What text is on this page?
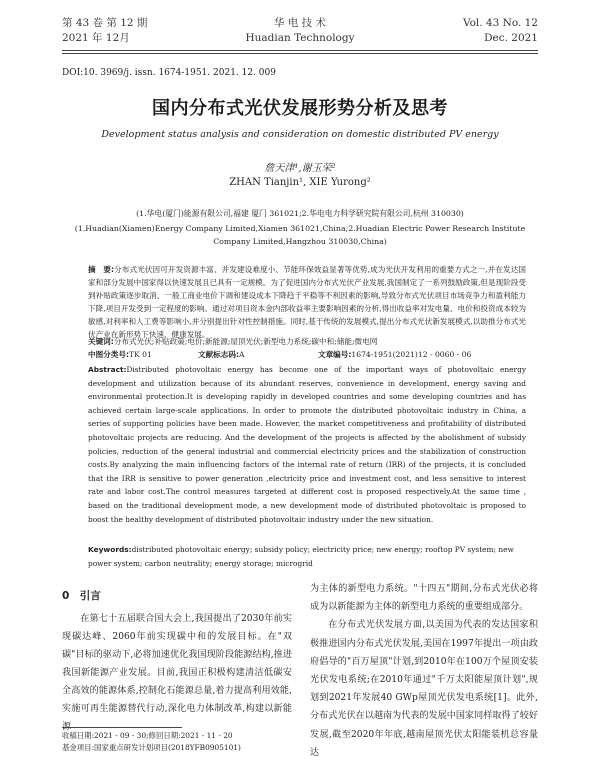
第 43 卷 第 12 期
2021 年 12月
华 电 技 术
Huadian Technology
Vol. 43 No. 12
Dec. 2021
DOI:10. 3969/j. issn. 1674-1951. 2021. 12. 009
国内分布式光伏发展形势分析及思考
Development status analysis and consideration on domestic distributed PV energy
詹天津¹,谢玉荣²
ZHAN Tianjin¹, XIE Yurong²
(1.华电(厦门)能源有限公司,福建 厦门 361021;2.华电电力科学研究院有限公司,杭州 310030)
(1.Huadian(Xiamen)Energy Company Limited,Xiamen 361021,China;2.Huadian Electric Power Research Institute
Company Limited,Hangzhou 310030,China)
摘　要:分布式光伏因可开发资源丰富、并发建设难度小、节能环保效益显著等优势,成为光伏开发利用的重要方式之一,并在发达国家和部分发展中国家得以快速发展且已具有一定规模。为了促进国内分布式光伏产业发展,我国制定了一系列鼓励政策,但是现阶段受到补贴政策逐步取消、一般工商业电价下调和建设成本下降趋于平稳等不利因素的影响,导致分布式光伏项目市场竞争力和盈利能力下降,项目开发受到一定程度的影响。通过对项目资本金内部收益率主要影响因素的分析,得出收益率对发电量、电价和投资成本较为敏感,对利率和人工费等影响小,并分别提出针对性控制措施。同时,基于传统的发展模式,提出分布式光伏新发展模式,以助推分布式光伏产业在新形势下快速、健康发展。
关键词:分布式光伏;补贴政策;电价;新能源;屋顶光伏;新型电力系统;碳中和;储能;微电网
中图分类号:TK 01	文献标志码:A	文章编号:1674-1951(2021)12 - 0060 - 06
Abstract:Distributed photovoltaic energy has become one of the important ways of photovoltaic energy development and utilization because of its abundant reserves, convenience in development, energy saving and environmental protection.It is developing rapidly in developed countries and some developing countries and has achieved certain large-scale applications. In order to promote the distributed photovoltaic industry in China, a series of supporting policies have been made. However, the market competitiveness and profitability of distributed photovoltaic projects are reducing. And the development of the projects is affected by the abolishment of subsidy policies, reduction of the general industrial and commercial electricity prices and the stabilization of construction costs.By analyzing the main influencing factors of the internal rate of return (IRR) of the projects, it is concluded that the IRR is sensitive to power generation ,electricity price and investment cost, and less sensitive to interest rate and labor cost.The control measures targeted at different cost is proposed respectively.At the same time , based on the traditional development mode, a new development mode of distributed photovoltaic is proposed to boost the healthy development of distributed photovoltaic industry under the new situation.
Keywords:distributed photovoltaic energy; subsidy policy; electricity price; new energy; rooftop PV system; new power system; carbon neutrality; energy storage; microgrid
0　引言

在第七十五届联合国大会上,我国提出了2030年前实现碳达峰、2060年前实现碳中和的发展目标。在"双碳"目标的驱动下,必将加速优化我国现阶段能源结构,推进我国新能源产业发展。目前,我国正积极构建清洁低碳安全高效的能源体系,控制化石能源总量,着力提高利用效能,实施可再生能源替代行动,深化电力体制改革,构建以新能源

为主体的新型电力系统。"十四五"期间,分布式光伏必将成为以新能源为主体的新型电力系统的重要组成部分。

在分布式光伏发展方面,以美国为代表的发达国家积极推进国内分布式光伏发展,美国在1997年提出一项由政府倡导的"百万屋顶"计划,到2010年在100万个屋顶安装光伏发电系统;在2010年通过"千万太阳能屋顶计划",规划到2021年发展40 GWp屋顶光伏发电系统[1]。此外,分布式光伏在以越南为代表的发展中国家同样取得了较好发展,截至2020年年底,越南屋顶光伏太阳能装机总容量达

收稿日期:2021 - 09 - 30;修回日期:2021 - 11 - 20
基金项目:国家重点研发计划项目(2018YFB0905101)
